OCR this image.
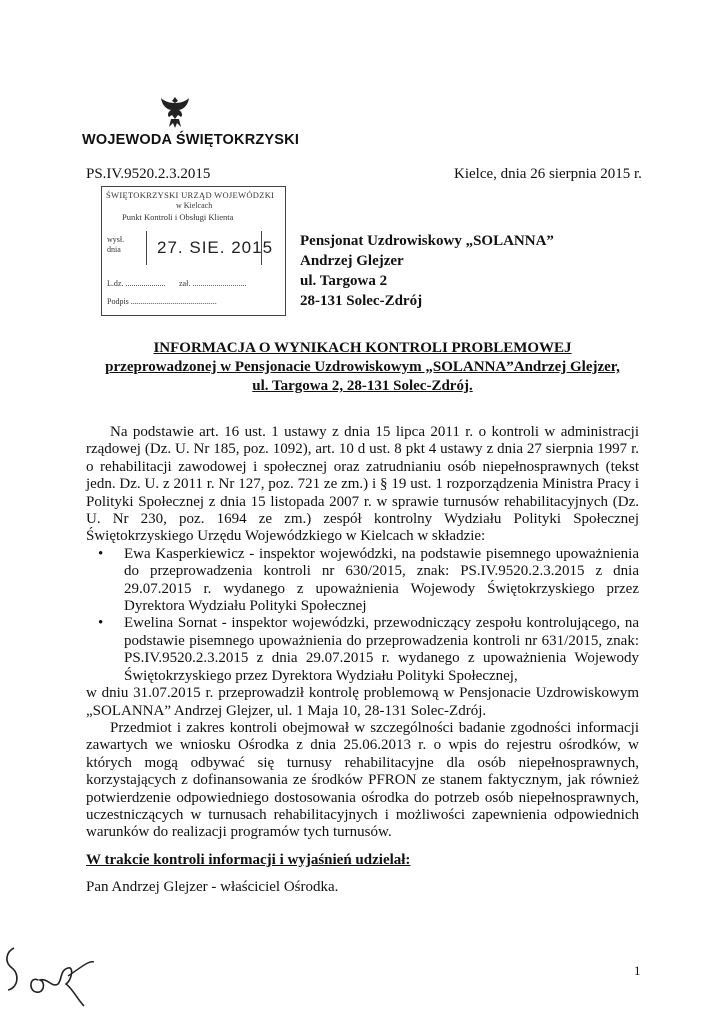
WOJEWODA ŚWIĘTOKRZYSKI
PS.IV.9520.2.3.2015	Kielce, dnia 26 sierpnia 2015 r.
ŚWIĘTOKRZYSKI URZĄD WOJEWÓDZKI
w Kielcach
Punkt Kontroli i Obsługi Klienta
wysł.
dnia 27. SIE. 2015
L.dz. .................... zał. ...........................
Podpis ...........................................
Pensjonat Uzdrowiskowy „SOLANNA”
Andrzej Glejzer
ul. Targowa 2
28-131 Solec-Zdrój
INFORMACJA O WYNIKACH KONTROLI PROBLEMOWEJ
przeprowadzonej w Pensjonacie Uzdrowiskowym „SOLANNA”Andrzej Glejzer,
ul. Targowa 2, 28-131 Solec-Zdrój.

Na podstawie art. 16 ust. 1 ustawy z dnia 15 lipca 2011 r. o kontroli w administracji rządowej (Dz. U. Nr 185, poz. 1092), art. 10 d ust. 8 pkt 4 ustawy z dnia 27 sierpnia 1997 r. o rehabilitacji zawodowej i społecznej oraz zatrudnianiu osób niepełnosprawnych (tekst jedn. Dz. U. z 2011 r. Nr 127, poz. 721 ze zm.) i § 19 ust. 1 rozporządzenia Ministra Pracy i Polityki Społecznej z dnia 15 listopada 2007 r. w sprawie turnusów rehabilitacyjnych (Dz. U. Nr 230, poz. 1694 ze zm.) zespół kontrolny Wydziału Polityki Społecznej Świętokrzyskiego Urzędu Wojewódzkiego w Kielcach w składzie:

• Ewa Kasperkiewicz - inspektor wojewódzki, na podstawie pisemnego upoważnienia do przeprowadzenia kontroli nr 630/2015, znak: PS.IV.9520.2.3.2015 z dnia 29.07.2015 r. wydanego z upoważnienia Wojewody Świętokrzyskiego przez Dyrektora Wydziału Polityki Społecznej
• Ewelina Sornat - inspektor wojewódzki, przewodniczący zespołu kontrolującego, na podstawie pisemnego upoważnienia do przeprowadzenia kontroli nr 631/2015, znak: PS.IV.9520.2.3.2015 z dnia 29.07.2015 r. wydanego z upoważnienia Wojewody Świętokrzyskiego przez Dyrektora Wydziału Polityki Społecznej,

w dniu 31.07.2015 r. przeprowadził kontrolę problemową w Pensjonacie Uzdrowiskowym „SOLANNA” Andrzej Glejzer, ul. 1 Maja 10, 28-131 Solec-Zdrój.

Przedmiot i zakres kontroli obejmował w szczególności badanie zgodności informacji zawartych we wniosku Ośrodka z dnia 25.06.2013 r. o wpis do rejestru ośrodków, w których mogą odbywać się turnusy rehabilitacyjne dla osób niepełnosprawnych, korzystających z dofinansowania ze środków PFRON ze stanem faktycznym, jak również potwierdzenie odpowiedniego dostosowania ośrodka do potrzeb osób niepełnosprawnych, uczestniczących w turnusach rehabilitacyjnych i możliwości zapewnienia odpowiednich warunków do realizacji programów tych turnusów.

W trakcie kontroli informacji i wyjaśnień udzielał:
Pan Andrzej Glejzer - właściciel Ośrodka.
1
